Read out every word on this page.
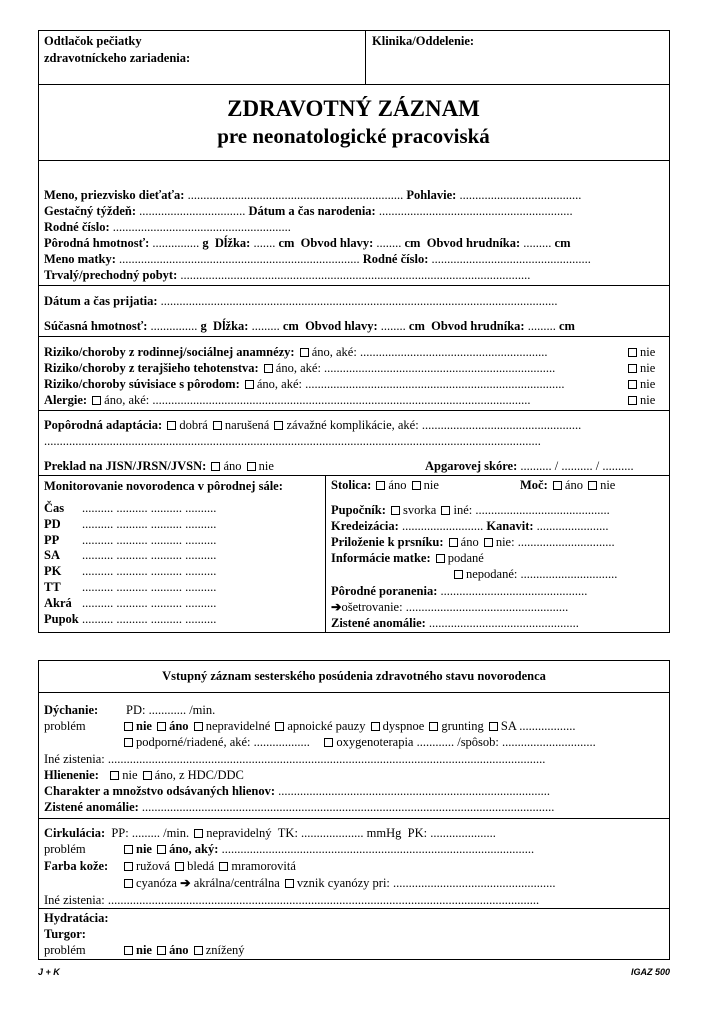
Odtlačok pečiatky
zdravotníckeho zariadenia:
Klinika/Oddelenie:
ZDRAVOTNÝ ZÁZNAM
pre neonatologické pracoviská
Meno, priezvisko dieťaťa: ..................................................................... Pohlavie: .......................................
Gestačný týždeň: .................................. Dátum a čas narodenia: ..............................................................
Rodné číslo: .........................................................
Pôrodná hmotnosť: ............... g Dĺžka: ....... cm Obvod hlavy: ........ cm Obvod hrudníka: ......... cm
Meno matky: ............................................................................. Rodné číslo: ...................................................
Trvalý/prechodný pobyt: ................................................................................................................
Dátum a čas prijatia: ...............................................................................................................................
Súčasná hmotnosť: ............... g Dĺžka: ......... cm Obvod hlavy: ........ cm Obvod hrudníka: ......... cm
Riziko/choroby z rodinnej/sociálnej anamnézy: áno, aké: ............................................................	nie
Riziko/choroby z terajšieho tehotenstva: áno, aké: ..........................................................................	nie
Riziko/choroby súvisiace s pôrodom: áno, aké: ...................................................................................	nie
Alergie: áno, aké: .........................................................................................................................	nie
Popôrodná adaptácia: dobrá narušená závažné komplikácie, aké: ...................................................
...............................................................................................................................................................
Preklad na JISN/JRSN/JVSN: áno nie	Apgarovej skóre: .......... / .......... / ..........
Monitorovanie novorodenca v pôrodnej sále:
Čas .......... .......... .......... ..........
PD .......... .......... .......... ..........
PP .......... .......... .......... ..........
SA .......... .......... .......... ..........
PK .......... .......... .......... ..........
TT .......... .......... .......... ..........
Akrá .......... .......... .......... ..........
Pupok .......... .......... .......... ..........
Stolica: áno nie	Moč: áno nie
Pupočník: svorka iné: ...........................................
Kredeizácia: .......................... Kanavit: .......................
Priloženie k prsníku: áno nie: ...............................
Informácie matke: podané
nepodané: ...............................
Pôrodné poranenia: ...............................................
➔ošetrovanie: ....................................................
Zistené anomálie: ................................................
Vstupný záznam sesterského posúdenia zdravotného stavu novorodenca
Dýchanie: PD: ............ /min.
problém	nie áno nepravidelné apnoické pauzy dyspnoe grunting SA ..................
podporné/riadené, aké: .................. oxygenoterapia ............ /spôsob: ..............................
Iné zistenia: ............................................................................................................................................
Hlienenie: nie áno, z HDC/DDC
Charakter a množstvo odsávaných hlienov: .......................................................................................
Zistené anomálie: ....................................................................................................................................
Cirkulácia: PP: ......... /min. nepravidelný TK: .................... mmHg PK: .....................
problém	nie áno, aký: ....................................................................................................
Farba kože:	ružová bledá mramorovitá
cyanóza ➔ akrálna/centrálna vznik cyanózy pri: ....................................................
Iné zistenia: ..........................................................................................................................................
Hydratácia:
Turgor:
problém	nie áno znížený
J + K	IGAZ 500
